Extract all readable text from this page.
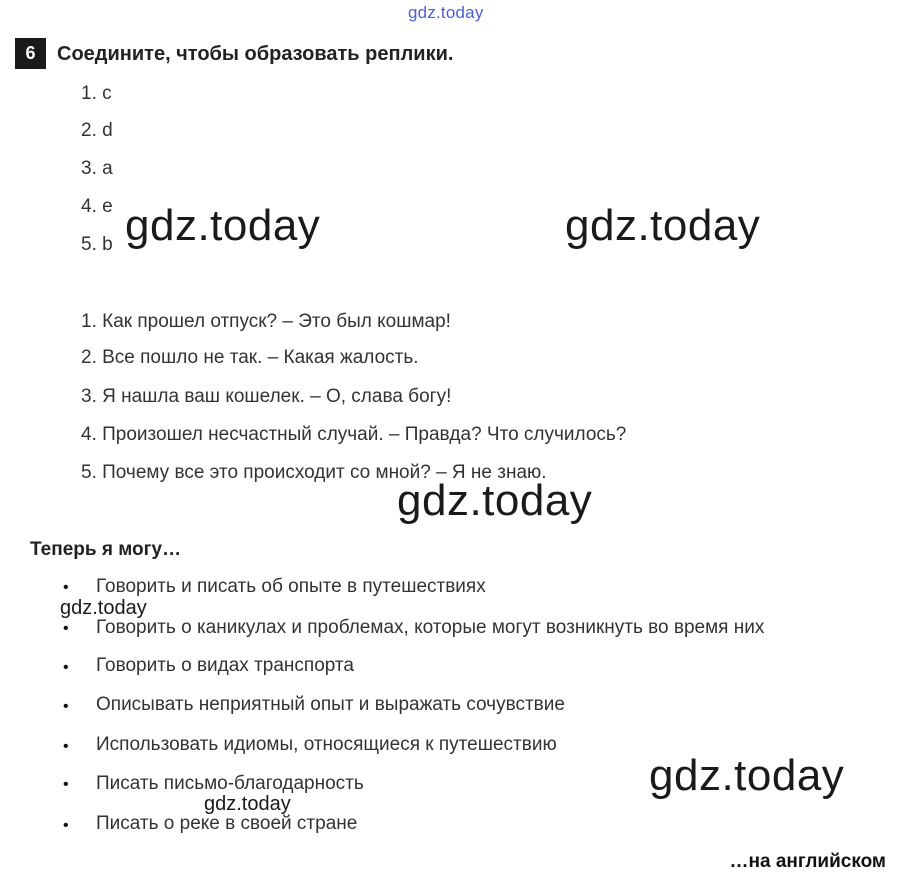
gdz.today
6	Соедините, чтобы образовать реплики.
1. c
2. d
3. a
4. e
5. b
1. Как прошел отпуск? – Это был кошмар!
2. Все пошло не так. – Какая жалость.
3. Я нашла ваш кошелек. – О, слава богу!
4. Произошел несчастный случай. – Правда? Что случилось?
5. Почему все это происходит со мной? – Я не знаю.
Теперь я могу…
• Говорить и писать об опыте в путешествиях
• Говорить о каникулах и проблемах, которые могут возникнуть во время них
• Говорить о видах транспорта
• Описывать неприятный опыт и выражать сочувствие
• Использовать идиомы, относящиеся к путешествию
• Писать письмо-благодарность
• Писать о реке в своей стране
…на английском
gdz.today	gdz.today
gdz.today
gdz.today
gdz.today
gdz.today
